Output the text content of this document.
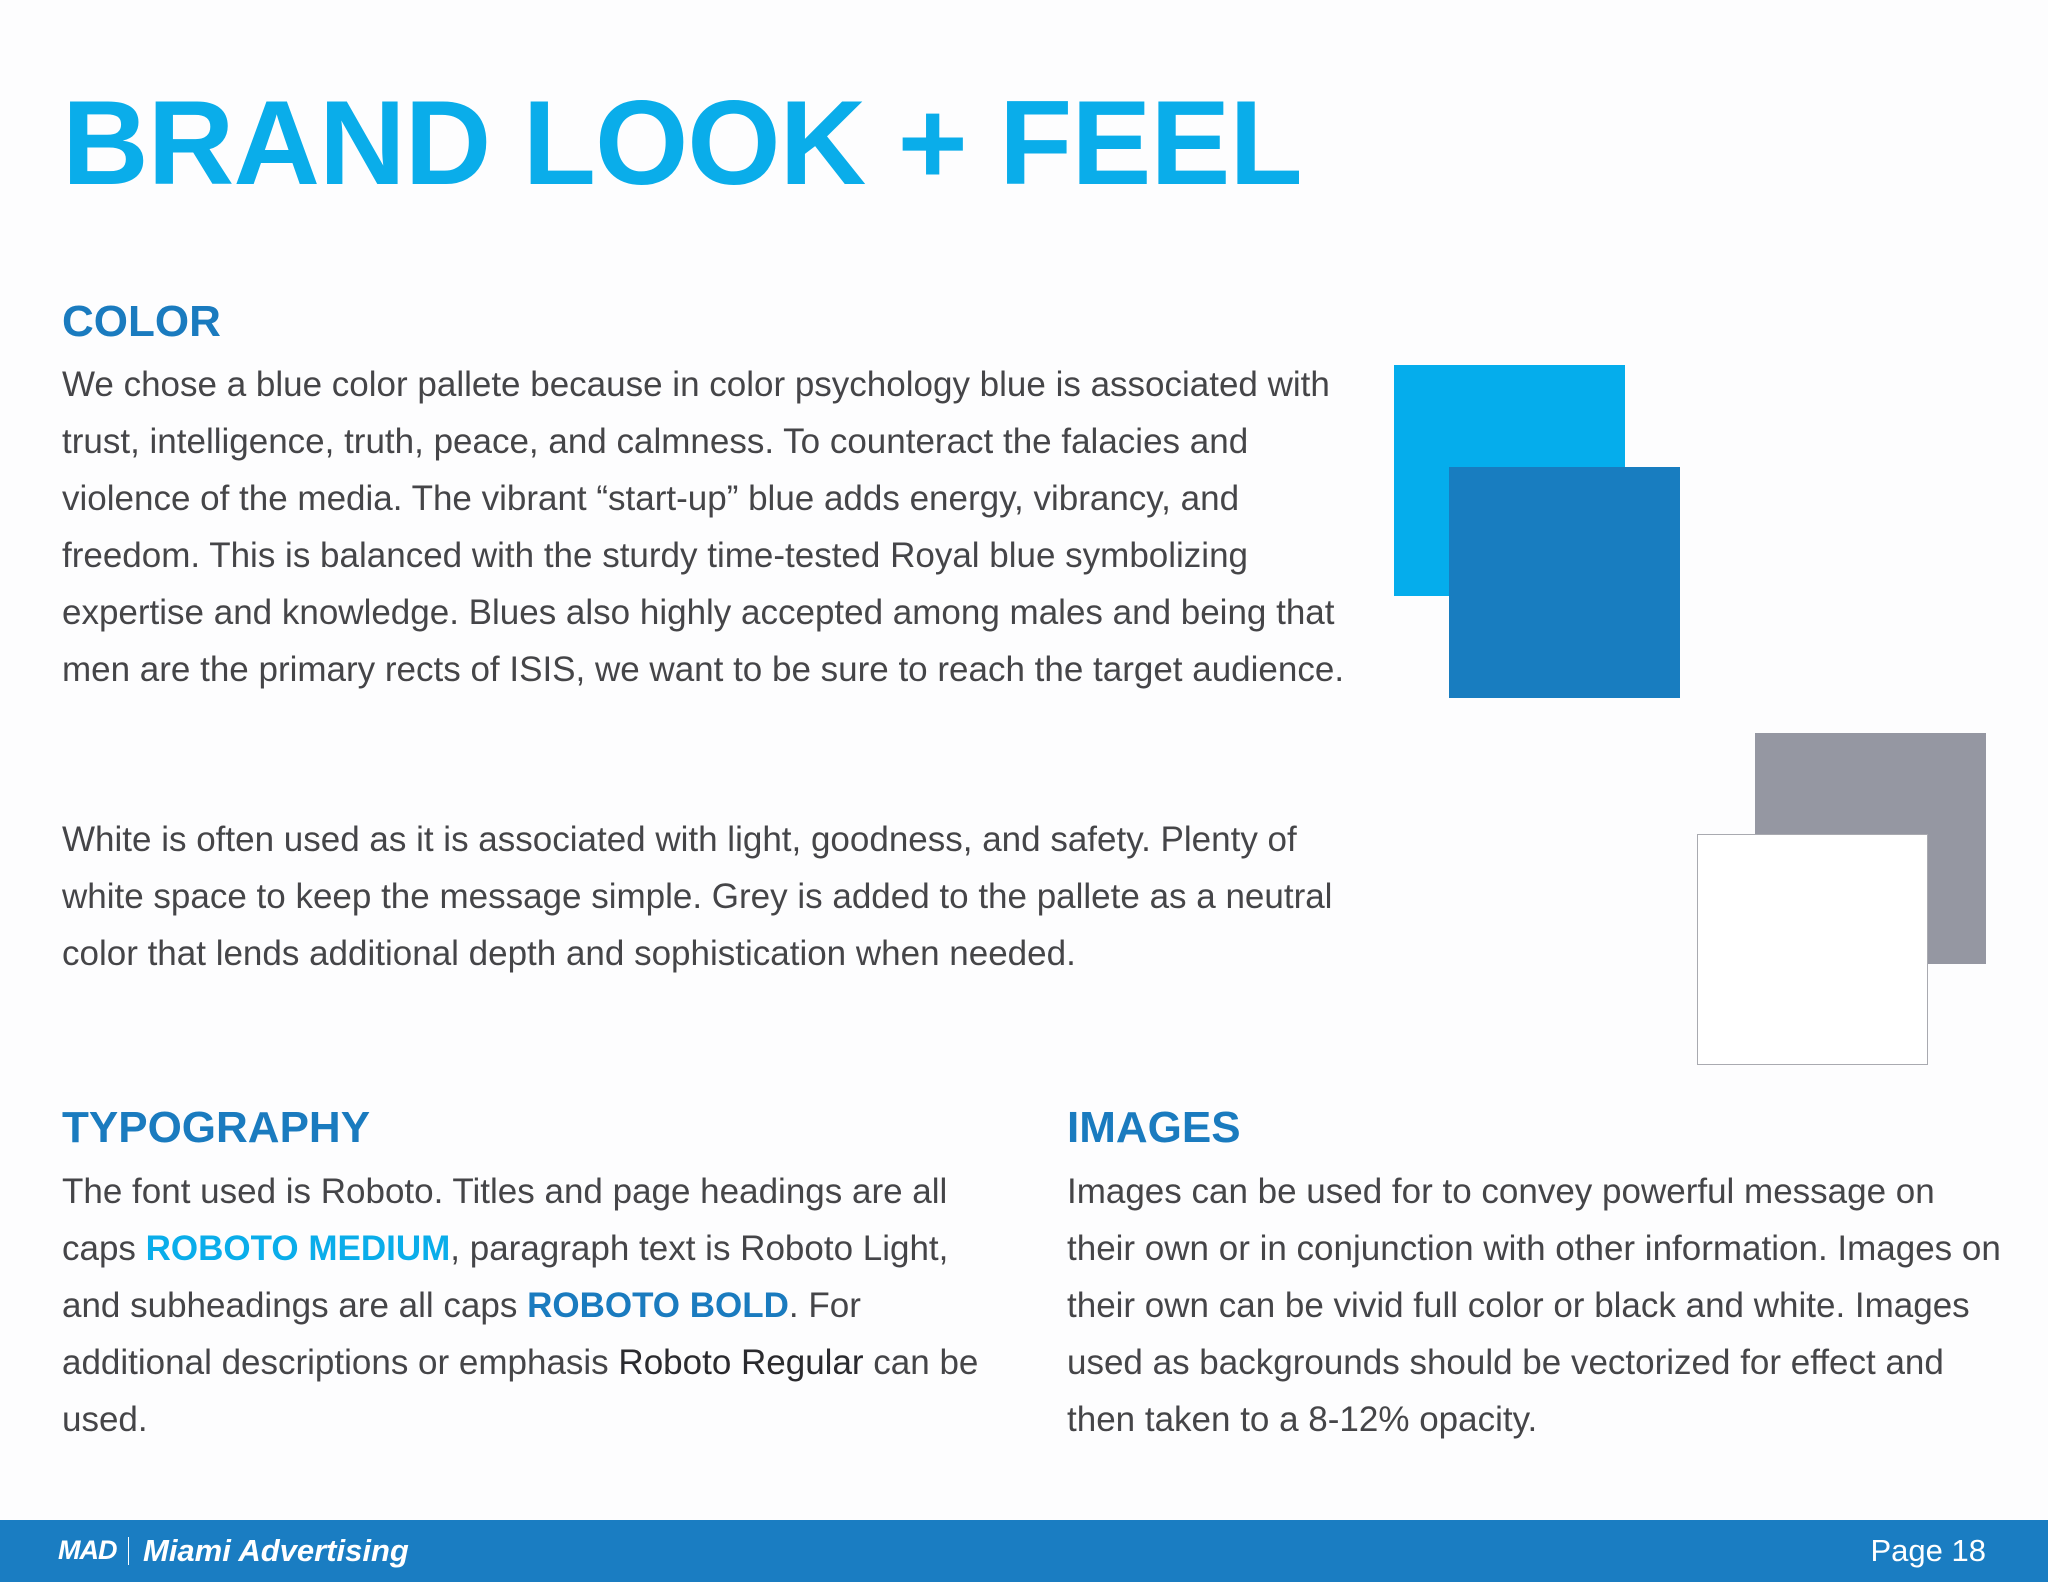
BRAND LOOK + FEEL
COLOR

We chose a blue color pallete because in color psychology blue is associated with trust, intelligence, truth, peace, and calmness. To counteract the falacies and violence of the media. The vibrant “start-up” blue adds energy, vibrancy, and freedom. This is balanced with the sturdy time-tested Royal blue symbolizing expertise and knowledge. Blues also highly accepted among males and being that men are the primary rects of ISIS, we want to be sure to reach the target audience.

White is often used as it is associated with light, goodness, and safety. Plenty of white space to keep the message simple. Grey is added to the pallete as a neutral color that lends additional depth and sophistication when needed.

TYPOGRAPHY

The font used is Roboto. Titles and page headings are all caps ROBOTO MEDIUM, paragraph text is Roboto Light, and subheadings are all caps ROBOTO BOLD. For additional descriptions or emphasis Roboto Regular can be used.

IMAGES

Images can be used for to convey powerful message on their own or in conjunction with other information. Images on their own can be vivid full color or black and white. Images used as backgrounds should be vectorized for effect and then taken to a 8-12% opacity.

MAD Miami Advertising	Page 18
